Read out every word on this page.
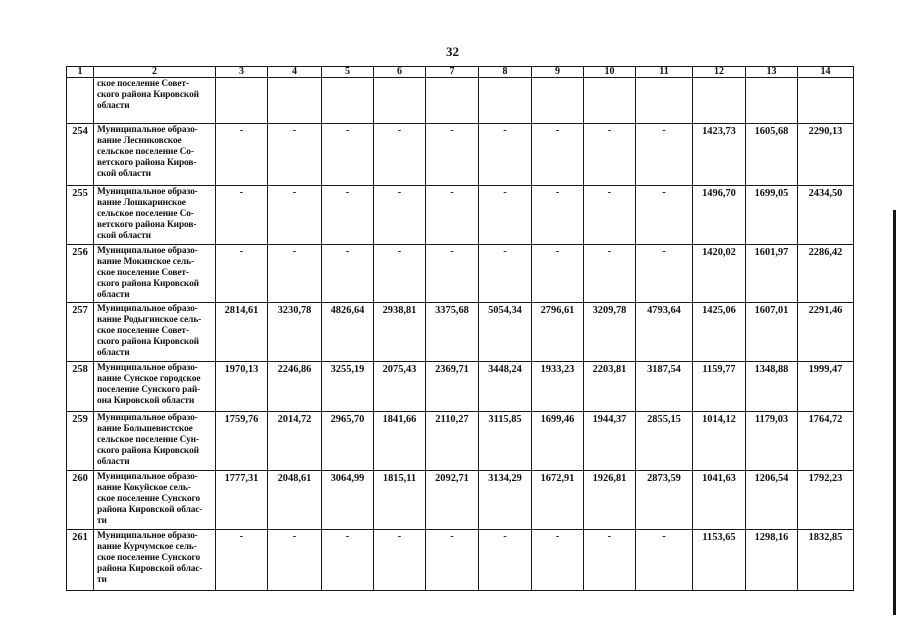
32
1	2	3	4	5	6	7	8	9	10	11	12	13	14
	ское поселение Совет-
ского района Кировской
области												
254	Муниципальное образо-
вание Лесниковское
сельское поселение Со-
ветского района Киров-
ской области	-	-	-	-	-	-	-	-	-	1423,73	1605,68	2290,13
255	Муниципальное образо-
вание Лошкаринское
сельское поселение Со-
ветского района Киров-
ской области	-	-	-	-	-	-	-	-	-	1496,70	1699,05	2434,50
256	Муниципальное образо-
вание Мокинское сель-
ское поселение Совет-
ского района Кировской
области	-	-	-	-	-	-	-	-	-	1420,02	1601,97	2286,42
257	Муниципальное образо-
вание Родыгинское сель-
ское поселение Совет-
ского района Кировской
области	2814,61	3230,78	4826,64	2938,81	3375,68	5054,34	2796,61	3209,78	4793,64	1425,06	1607,01	2291,46
258	Муниципальное образо-
вание Сунское городское
поселение Сунского рай-
она Кировской области	1970,13	2246,86	3255,19	2075,43	2369,71	3448,24	1933,23	2203,81	3187,54	1159,77	1348,88	1999,47
259	Муниципальное образо-
вание Большевистское
сельское поселение Сун-
ского района Кировской
области	1759,76	2014,72	2965,70	1841,66	2110,27	3115,85	1699,46	1944,37	2855,15	1014,12	1179,03	1764,72
260	Муниципальное образо-
вание Кокуйское сель-
ское поселение Сунского
района Кировской облас-
ти	1777,31	2048,61	3064,99	1815,11	2092,71	3134,29	1672,91	1926,81	2873,59	1041,63	1206,54	1792,23
261	Муниципальное образо-
вание Курчумское сель-
ское поселение Сунского
района Кировской облас-
ти	-	-	-	-	-	-	-	-	-	1153,65	1298,16	1832,85
